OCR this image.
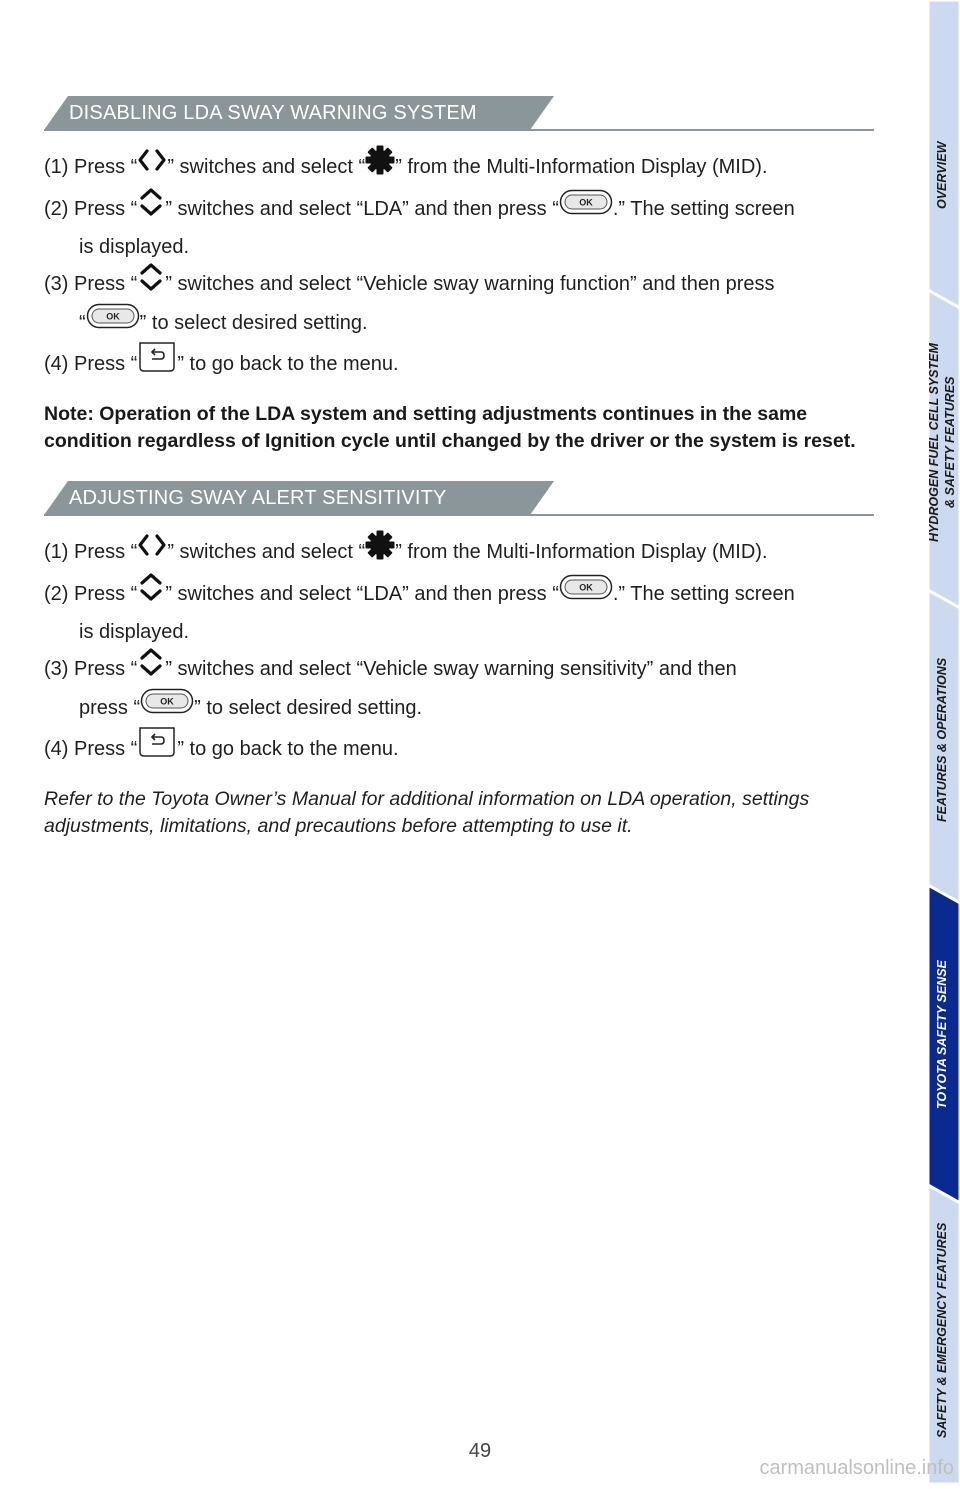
DISABLING LDA SWAY WARNING SYSTEM
(1) Press “ ” switches and select “ ” from the Multi-Information Display (MID).
(2) Press “ ” switches and select “LDA” and then press “ OK .” The setting screen
is displayed.
(3) Press “ ” switches and select “Vehicle sway warning function” and then press
“ OK ” to select desired setting.
(4) Press “ ” to go back to the menu.
Note: Operation of the LDA system and setting adjustments continues in the same condition regardless of Ignition cycle until changed by the driver or the system is reset.
ADJUSTING SWAY ALERT SENSITIVITY
(1) Press “ ” switches and select “ ” from the Multi-Information Display (MID).
(2) Press “ ” switches and select “LDA” and then press “ OK .” The setting screen
is displayed.
(3) Press “ ” switches and select “Vehicle sway warning sensitivity” and then
press “ OK ” to select desired setting.
(4) Press “ ” to go back to the menu.
Refer to the Toyota Owner’s Manual for additional information on LDA operation, settings adjustments, limitations, and precautions before attempting to use it.
OVERVIEW
HYDROGEN FUEL CELL SYSTEM
& SAFETY FEATURES
FEATURES & OPERATIONS
TOYOTA SAFETY SENSE
SAFETY & EMERGENCY FEATURES
49
carmanualsonline.info
